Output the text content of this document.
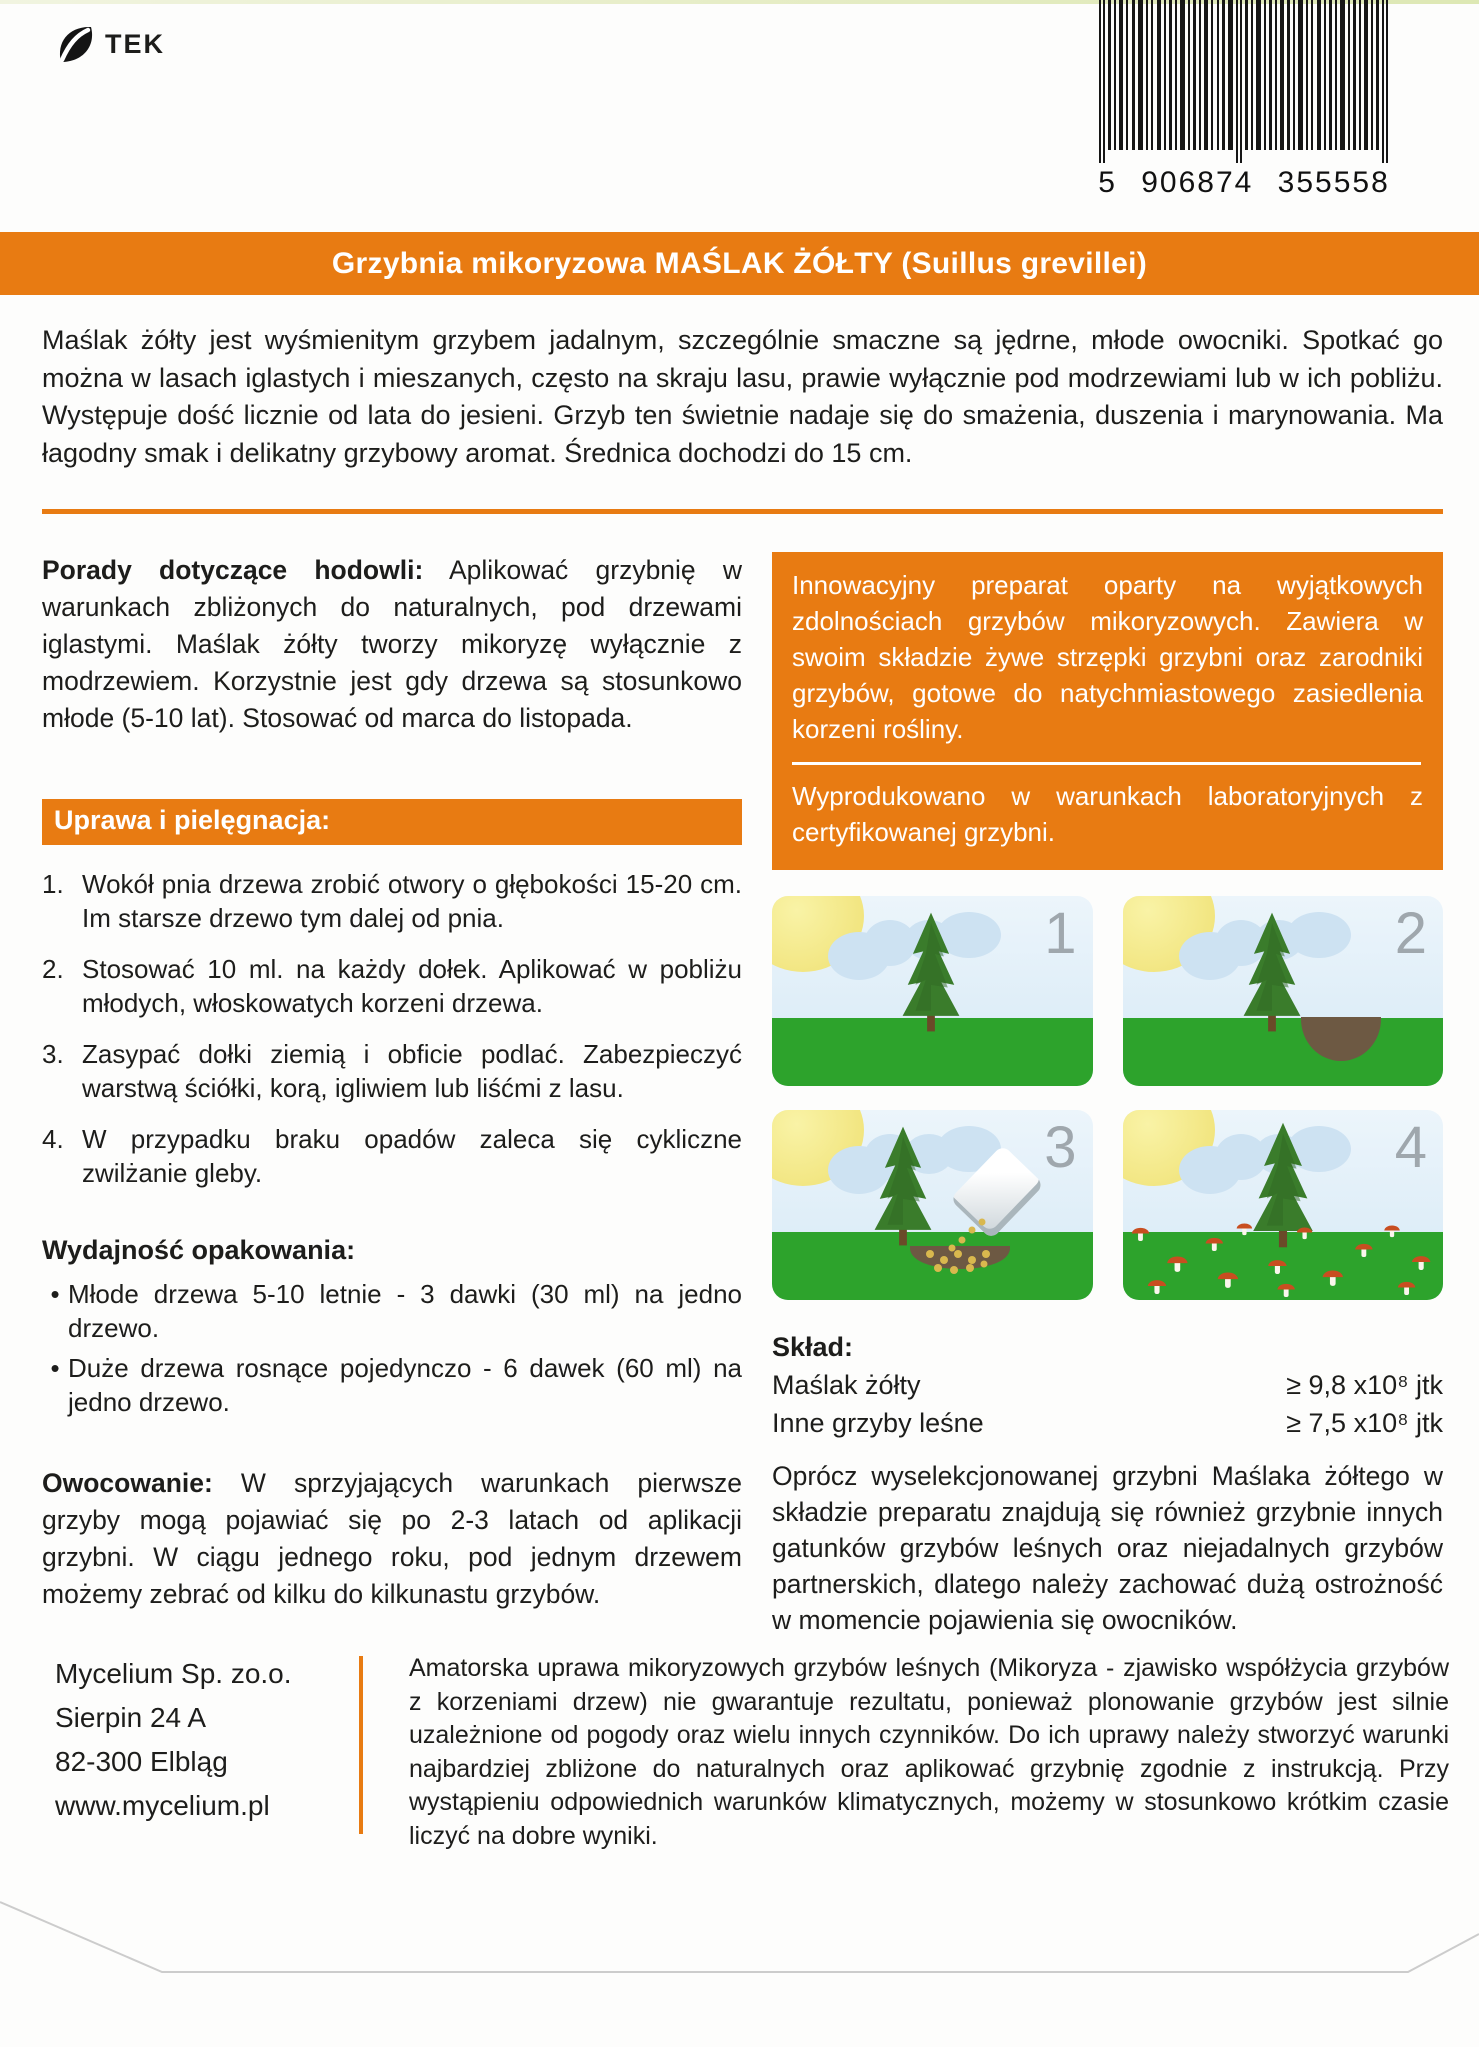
TEK
5 906874 355558
Grzybnia mikoryzowa MAŚLAK ŻÓŁTY (Suillus grevillei)

Maślak żółty jest wyśmienitym grzybem jadalnym, szczególnie smaczne są jędrne, młode owocniki. Spotkać go można w lasach iglastych i mieszanych, często na skraju lasu, prawie wyłącznie pod modrzewiami lub w ich pobliżu. Występuje dość licznie od lata do jesieni. Grzyb ten świetnie nadaje się do smażenia, duszenia i marynowania. Ma łagodny smak i delikatny grzybowy aromat. Średnica dochodzi do 15 cm.

Porady dotyczące hodowli: Aplikować grzybnię w warunkach zbliżonych do naturalnych, pod drzewami iglastymi. Maślak żółty tworzy mikoryzę wyłącznie z modrzewiem. Korzystnie jest gdy drzewa są stosunkowo młode (5-10 lat). Stosować od marca do listopada.

Uprawa i pielęgnacja:
1. Wokół pnia drzewa zrobić otwory o głębokości 15-20 cm. Im starsze drzewo tym dalej od pnia.
2. Stosować 10 ml. na każdy dołek. Aplikować w pobliżu młodych, włoskowatych korzeni drzewa.
3. Zasypać dołki ziemią i obficie podlać. Zabezpieczyć warstwą ściółki, korą, igliwiem lub liśćmi z lasu.
4. W przypadku braku opadów zaleca się cykliczne zwilżanie gleby.
Wydajność opakowania:
• Młode drzewa 5-10 letnie - 3 dawki (30 ml) na jedno drzewo.
• Duże drzewa rosnące pojedynczo - 6 dawek (60 ml) na jedno drzewo.

Owocowanie: W sprzyjających warunkach pierwsze grzyby mogą pojawiać się po 2-3 latach od aplikacji grzybni. W ciągu jednego roku, pod jednym drzewem możemy zebrać od kilku do kilkunastu grzybów.

Innowacyjny preparat oparty na wyjątkowych zdolnościach grzybów mikoryzowych. Zawiera w swoim składzie żywe strzępki grzybni oraz zarodniki grzybów, gotowe do natychmiastowego zasiedlenia korzeni rośliny.

Wyprodukowano w warunkach laboratoryjnych z certyfikowanej grzybni.

1	2
3	4
Skład:
Maślak żółty	≥ 9,8 x10⁸ jtk
Inne grzyby leśne	≥ 7,5 x10⁸ jtk

Oprócz wyselekcjonowanej grzybni Maślaka żółtego w składzie preparatu znajdują się również grzybnie innych gatunków grzybów leśnych oraz niejadalnych grzybów partnerskich, dlatego należy zachować dużą ostrożność w momencie pojawienia się owocników.

Mycelium Sp. zo.o.
Sierpin 24 A
82-300 Elbląg
www.mycelium.pl

Amatorska uprawa mikoryzowych grzybów leśnych (Mikoryza - zjawisko współżycia grzybów z korzeniami drzew) nie gwarantuje rezultatu, ponieważ plonowanie grzybów jest silnie uzależnione od pogody oraz wielu innych czynników. Do ich uprawy należy stworzyć warunki najbardziej zbliżone do naturalnych oraz aplikować grzybnię zgodnie z instrukcją. Przy wystąpieniu odpowiednich warunków klimatycznych, możemy w stosunkowo krótkim czasie liczyć na dobre wyniki.
